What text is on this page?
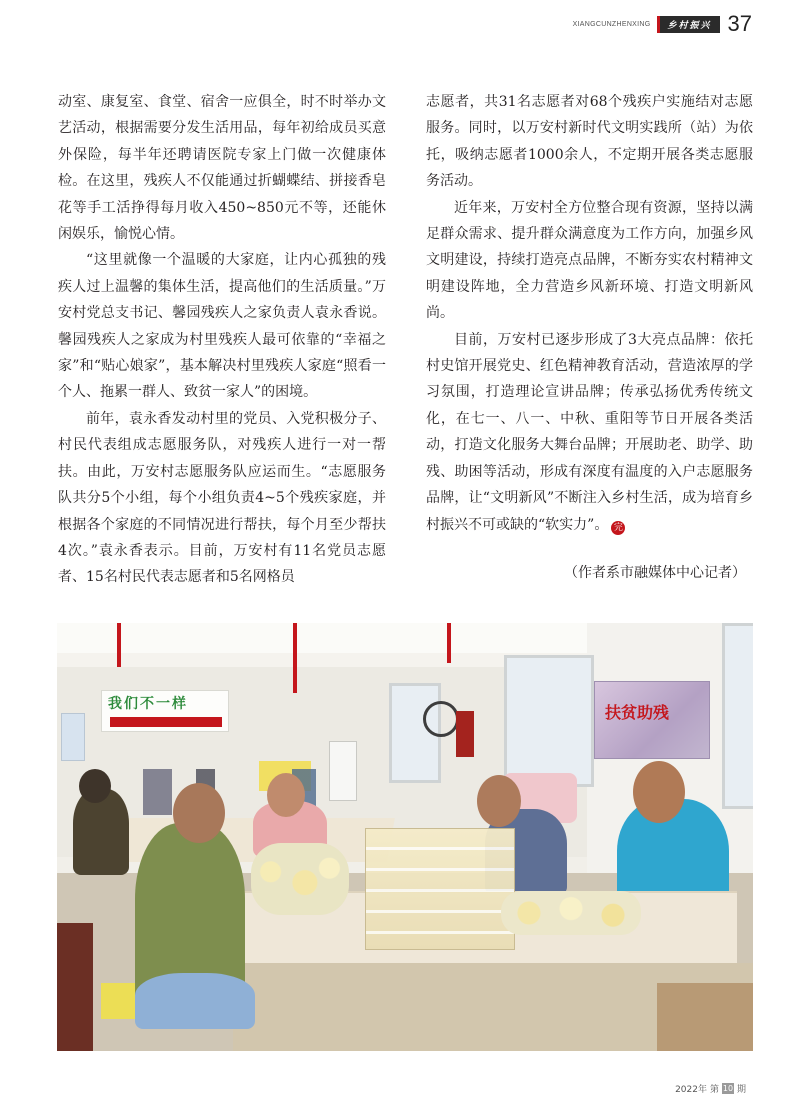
XIANGCUNZHENXING	乡村振兴 37

动室、康复室、食堂、宿舍一应俱全，时不时举办文艺活动，根据需要分发生活用品，每年初给成员买意外保险，每半年还聘请医院专家上门做一次健康体检。在这里，残疾人不仅能通过折蝴蝶结、拼接香皂花等手工活挣得每月收入450~850元不等，还能休闲娱乐，愉悦心情。

“这里就像一个温暖的大家庭，让内心孤独的残疾人过上温馨的集体生活，提高他们的生活质量。”万安村党总支书记、馨园残疾人之家负责人袁永香说。馨园残疾人之家成为村里残疾人最可依靠的“幸福之家”和“贴心娘家”，基本解决村里残疾人家庭“照看一个人、拖累一群人、致贫一家人”的困境。

前年，袁永香发动村里的党员、入党积极分子、村民代表组成志愿服务队，对残疾人进行一对一帮扶。由此，万安村志愿服务队应运而生。“志愿服务队共分5个小组，每个小组负责4~5个残疾家庭，并根据各个家庭的不同情况进行帮扶，每个月至少帮扶4次。”袁永香表示。目前，万安村有11名党员志愿者、15名村民代表志愿者和5名网格员

志愿者，共31名志愿者对68个残疾户实施结对志愿服务。同时，以万安村新时代文明实践所（站）为依托，吸纳志愿者1000余人，不定期开展各类志愿服务活动。

近年来，万安村全方位整合现有资源，坚持以满足群众需求、提升群众满意度为工作方向，加强乡风文明建设，持续打造亮点品牌，不断夯实农村精神文明建设阵地，全力营造乡风新环境、打造文明新风尚。

目前，万安村已逐步形成了3大亮点品牌：依托村史馆开展党史、红色精神教育活动，营造浓厚的学习氛围，打造理论宣讲品牌；传承弘扬优秀传统文化，在七一、八一、中秋、重阳等节日开展各类活动，打造文化服务大舞台品牌；开展助老、助学、助残、助困等活动，形成有深度有温度的入户志愿服务品牌，让“文明新风”不断注入乡村生活，成为培育乡村振兴不可或缺的“软实力”。 完

（作者系市融媒体中心记者）
我们不一样	扶贫助残
2022年 第 10 期
